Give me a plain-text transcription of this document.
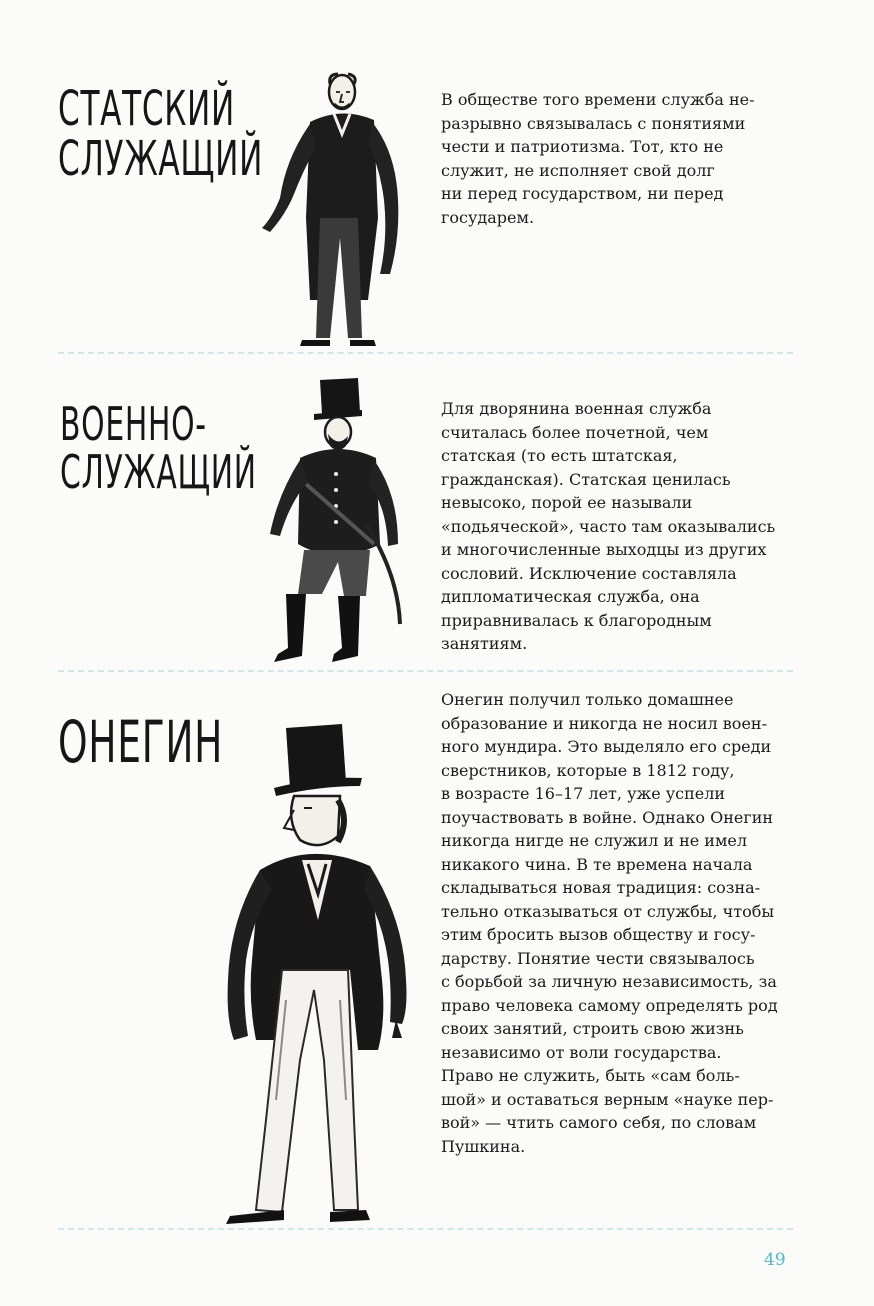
СТАТСКИЙ
СЛУЖАЩИЙ
В обществе того времени служба не-
разрывно связывалась с понятиями
чести и патриотизма. Тот, кто не
служит, не исполняет свой долг
ни перед государством, ни перед
государем.
ВОЕННО-
СЛУЖАЩИЙ
Для дворянина военная служба
считалась более почетной, чем
статская (то есть штатская,
гражданская). Статская ценилась
невысоко, порой ее называли
«подьяческой», часто там оказывались
и многочисленные выходцы из других
сословий. Исключение составляла
дипломатическая служба, она
приравнивалась к благородным
занятиям.
ОНЕГИН
Онегин получил только домашнее
образование и никогда не носил воен-
ного мундира. Это выделяло его среди
сверстников, которые в 1812 году,
в возрасте 16–17 лет, уже успели
поучаствовать в войне. Однако Онегин
никогда нигде не служил и не имел
никакого чина. В те времена начала
складываться новая традиция: созна-
тельно отказываться от службы, чтобы
этим бросить вызов обществу и госу-
дарству. Понятие чести связывалось
с борьбой за личную независимость, за
право человека самому определять род
своих занятий, строить свою жизнь
независимо от воли государства.
Право не служить, быть «сам боль-
шой» и оставаться верным «науке пер-
вой» — чтить самого себя, по словам
Пушкина.
49
